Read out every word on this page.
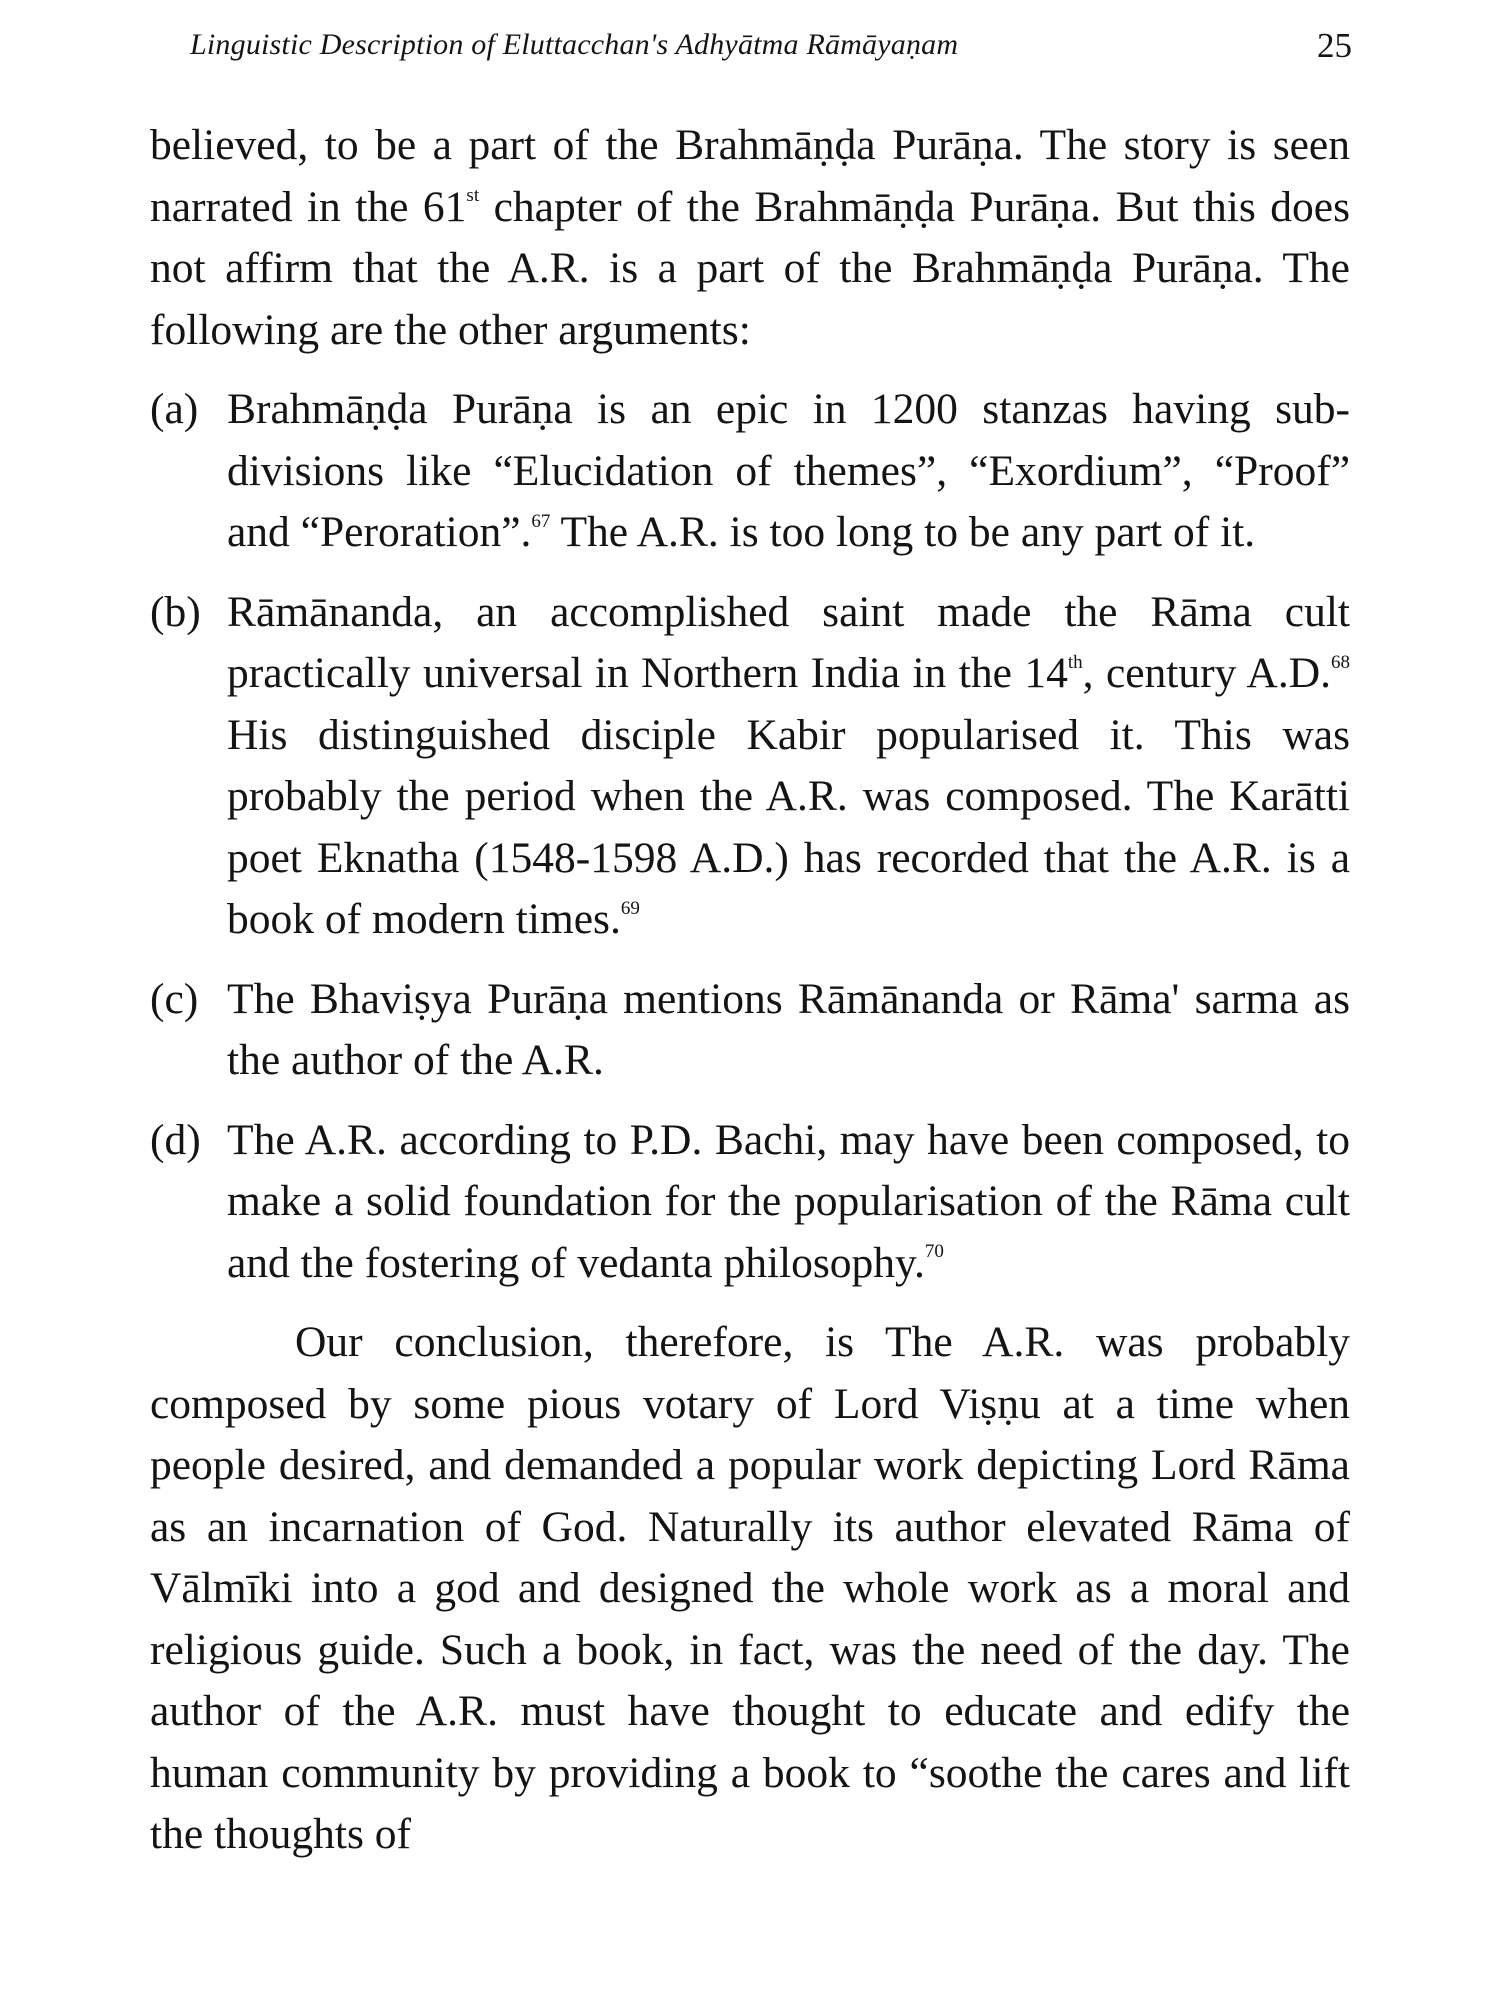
Linguistic Description of Eluttacchan's Adhyātma Rāmāyaṇam	25

believed, to be a part of the Brahmāṇḍa Purāṇa. The story is seen narrated in the 61st chapter of the Brahmāṇḍa Purāṇa. But this does not affirm that the A.R. is a part of the Brahmāṇḍa Purāṇa. The following are the other arguments:

(a) Brahmāṇḍa Purāṇa is an epic in 1200 stanzas having sub-divisions like “Elucidation of themes”, “Exordium”, “Proof” and “Peroration”.$^{67}$ The A.R. is too long to be any part of it.
(b) Rāmānanda, an accomplished saint made the Rāma cult practically universal in Northern India in the 14th, century A.D.$^{68}$ His distinguished disciple Kabir popularised it. This was probably the period when the A.R. was composed. The Karātti poet Eknatha (1548-1598 A.D.) has recorded that the A.R. is a book of modern times.$^{69}$
(c) The Bhaviṣya Purāṇa mentions Rāmānanda or Rāma' sarma as the author of the A.R.
(d) The A.R. according to P.D. Bachi, may have been composed, to make a solid foundation for the popularisation of the Rāma cult and the fostering of vedanta philosophy.$^{70}$

Our conclusion, therefore, is The A.R. was probably composed by some pious votary of Lord Viṣṇu at a time when people desired, and demanded a popular work depicting Lord Rāma as an incarnation of God. Naturally its author elevated Rāma of Vālmīki into a god and designed the whole work as a moral and religious guide. Such a book, in fact, was the need of the day. The author of the A.R. must have thought to educate and edify the human community by providing a book to “soothe the cares and lift the thoughts of
